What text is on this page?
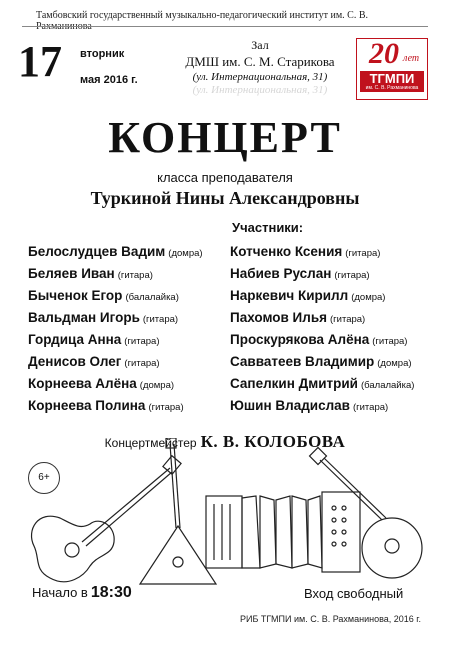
Тамбовский государственный музыкально-педагогический институт им. С. В.
17 вторник
мая 2016 г.
Зал
ДМШ им. С. М. Старикова
(ул. Интернациональная, 31)
(ул. Интернациональная, 31)
20 лет
ТГМПИ
им. С. В. Рахманинова
КОНЦЕРТ
класса преподавателя
Туркиной Нины Александровны
Участники:
Белослудцев Вадим (домра)
Беляев Иван (гитара)
Быченок Егор (балалайка)
Вальдман Игорь (гитара)
Гордица Анна (гитара)
Денисов Олег (гитара)
Корнеева Алёна (домра)
Корнеева Полина (гитара)
Котченко Ксения (гитара)
Набиев Руслан (гитара)
Наркевич Кирилл (домра)
Пахомов Илья (гитара)
Проскурякова Алёна (гитара)
Савватеев Владимир (домра)
Сапелкин Дмитрий (балалайка)
Юшин Владислав (гитара)
Концертмейстер К. В. КОЛОБОВА
6+
Начало в 18:30	Вход свободный
РИБ ТГМПИ им. С. В. Рахманинова, 2016 г.
